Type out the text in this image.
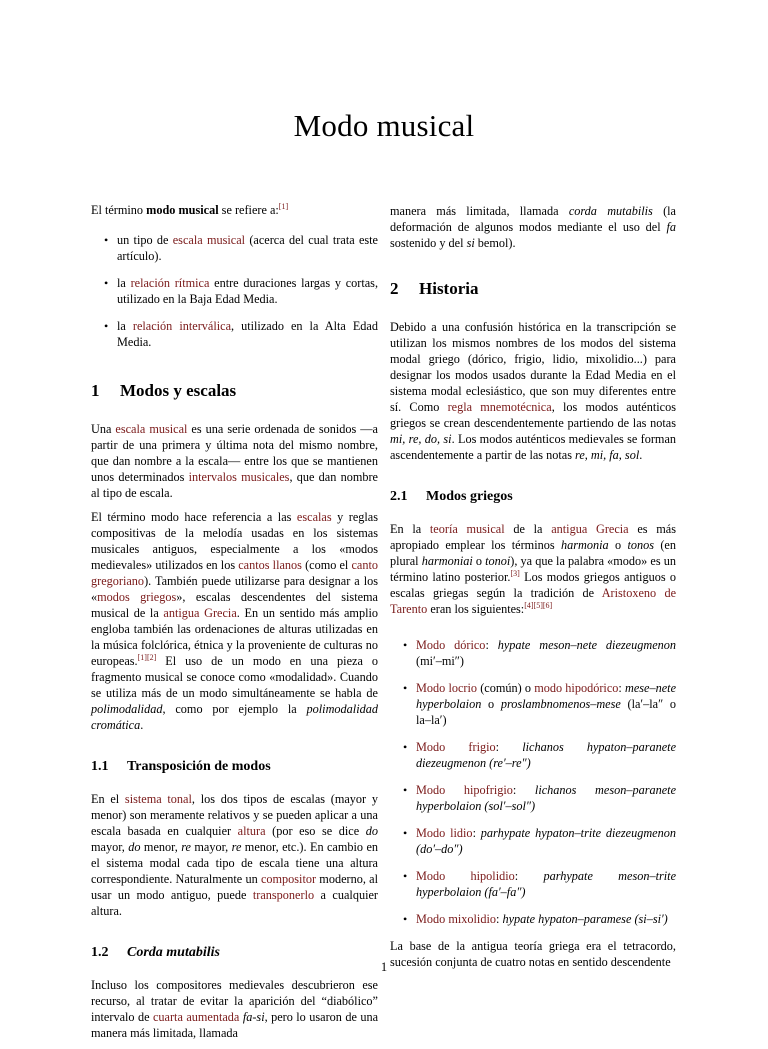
Modo musical

El término modo musical se refiere a:[1]

• un tipo de escala musical (acerca del cual trata este artículo).
• la relación rítmica entre duraciones largas y cortas, utilizado en la Baja Edad Media.
• la relación interválica, utilizado en la Alta Edad Media.
1	Modos y escalas

Una escala musical es una serie ordenada de sonidos —a partir de una primera y última nota del mismo nombre, que dan nombre a la escala— entre los que se mantienen unos determinados intervalos musicales, que dan nombre al tipo de escala.

El término modo hace referencia a las escalas y reglas compositivas de la melodía usadas en los sistemas musicales antiguos, especialmente a los «modos medievales» utilizados en los cantos llanos (como el canto gregoriano). También puede utilizarse para designar a los «modos griegos», escalas descendentes del sistema musical de la antigua Grecia. En un sentido más amplio engloba también las ordenaciones de alturas utilizadas en la música folclórica, étnica y la proveniente de culturas no europeas.[1][2] El uso de un modo en una pieza o fragmento musical se conoce como «modalidad». Cuando se utiliza más de un modo simultáneamente se habla de polimodalidad, como por ejemplo la polimodalidad cromática.

1.1	Transposición de modos

En el sistema tonal, los dos tipos de escalas (mayor y menor) son meramente relativos y se pueden aplicar a una escala basada en cualquier altura (por eso se dice do mayor, do menor, re mayor, re menor, etc.). En cambio en el sistema modal cada tipo de escala tiene una altura correspondiente. Naturalmente un compositor moderno, al usar un modo antiguo, puede transponerlo a cualquier altura.

1.2	Corda mutabilis

Incluso los compositores medievales descubrieron ese recurso, al tratar de evitar la aparición del “diabólico” intervalo de cuarta aumentada fa-si, pero lo usaron de una manera más limitada, llamada

manera más limitada, llamada corda mutabilis (la deformación de algunos modos mediante el uso del fa sostenido y del si bemol).

2	Historia

Debido a una confusión histórica en la transcripción se utilizan los mismos nombres de los modos del sistema modal griego (dórico, frigio, lidio, mixolidio...) para designar los modos usados durante la Edad Media en el sistema modal eclesiástico, que son muy diferentes entre sí. Como regla mnemotécnica, los modos auténticos griegos se crean descendentemente partiendo de las notas mi, re, do, si. Los modos auténticos medievales se forman ascendentemente a partir de las notas re, mi, fa, sol.

2.1	Modos griegos

En la teoría musical de la antigua Grecia es más apropiado emplear los términos harmonia o tonos (en plural harmoniai o tonoi), ya que la palabra «modo» es un término latino posterior.[3] Los modos griegos antiguos o escalas griegas según la tradición de Aristoxeno de Tarento eran los siguientes:[4][5][6]

• Modo dórico: hypate meson–nete diezeugmenon (mi′–mi″)
• Modo locrio (común) o modo hipodórico: mese–nete hyperbolaion o proslambnomenos–mese (la′–la″ o la–la′)
• Modo frigio: lichanos hypaton–paranete diezeugmenon (re′–re″)
• Modo hipofrigio: lichanos meson–paranete hyperbolaion (sol′–sol″)
• Modo lidio: parhypate hypaton–trite diezeugmenon (do′–do″)
• Modo hipolidio: parhypate meson–trite hyperbolaion (fa′–fa″)
• Modo mixolidio: hypate hypaton–paramese (si–si′)

La base de la antigua teoría griega era el tetracordo, sucesión conjunta de cuatro notas en sentido descendente

1
